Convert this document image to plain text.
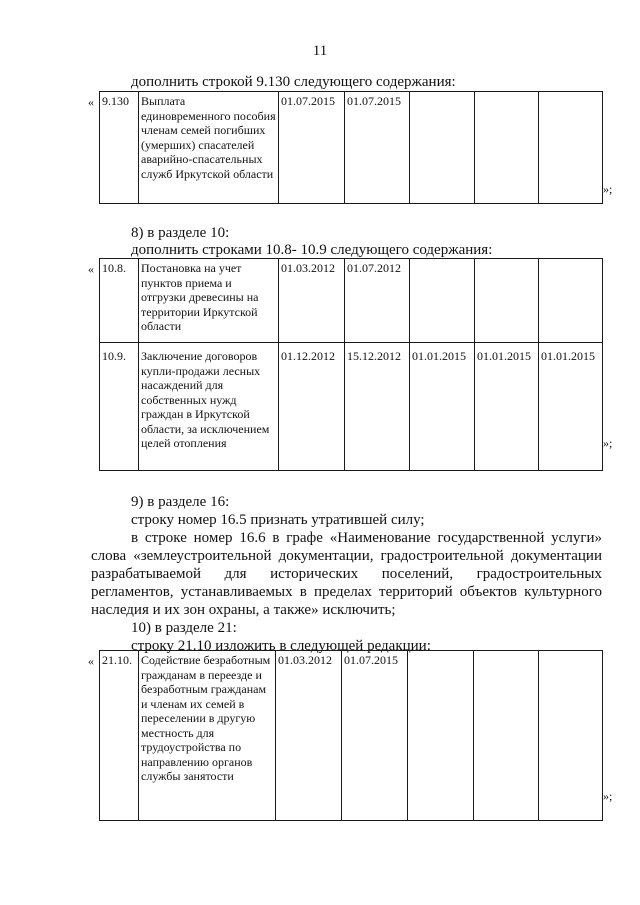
11
дополнить строкой 9.130 следующего содержания:
« 9.130	Выплата единовременного пособия членам семей погибших (умерших) спасателей аварийно-спасательных служб Иркутской области	01.07.2015	01.07.2015			
»;
8) в разделе 10:
дополнить строками 10.8- 10.9 следующего содержания:
« 10.8.	Постановка на учет пунктов приема и отгрузки древесины на территории Иркутской области	01.03.2012	01.07.2012			
10.9.	Заключение договоров купли-продажи лесных насаждений для собственных нужд граждан в Иркутской области, за исключением целей отопления	01.12.2012	15.12.2012	01.01.2015	01.01.2015	01.01.2015
»;
9) в разделе 16:
строку номер 16.5 признать утратившей силу;
в строке номер 16.6 в графе «Наименование государственной услуги»
слова «землеустроительной документации, градостроительной документации
разрабатываемой для исторических поселений, градостроительных
регламентов, устанавливаемых в пределах территорий объектов культурного
наследия и их зон охраны, а также» исключить;
10) в разделе 21:
строку 21.10 изложить в следующей редакции:
« 21.10.	Содействие безработным гражданам в переезде и безработным гражданам и членам их семей в переселении в другую местность для трудоустройства по направлению органов службы занятости	01.03.2012	01.07.2015			
»;
